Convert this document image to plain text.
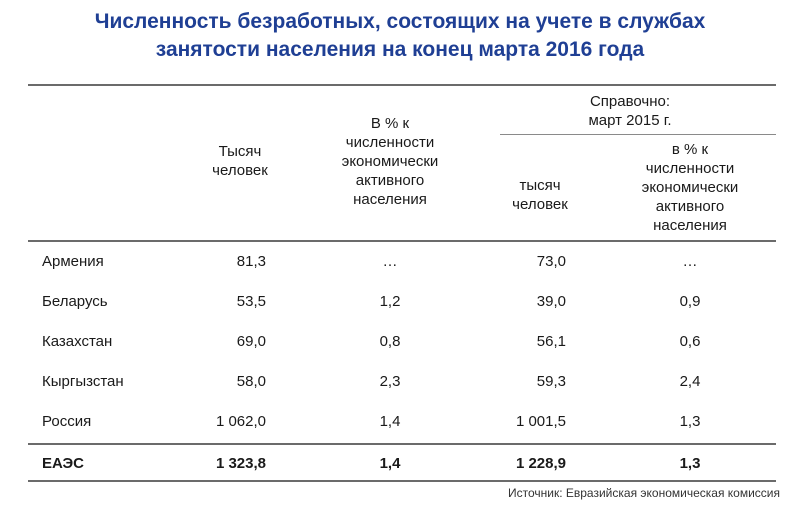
Численность безработных, состоящих на учете в службах
занятости населения на конец марта 2016 года
Тысяч
человек
В % к
численности
экономически
активного
населения
Справочно:
март 2015 г.
тысяч
человек
в % к
численности
экономически
активного
населения
Армения	81,3	…	73,0	…
Беларусь	53,5	1,2	39,0	0,9
Казахстан	69,0	0,8	56,1	0,6
Кыргызстан	58,0	2,3	59,3	2,4
Россия	1 062,0	1,4	1 001,5	1,3
ЕАЭС	1 323,8	1,4	1 228,9	1,3
Источник: Евразийская экономическая комиссия
